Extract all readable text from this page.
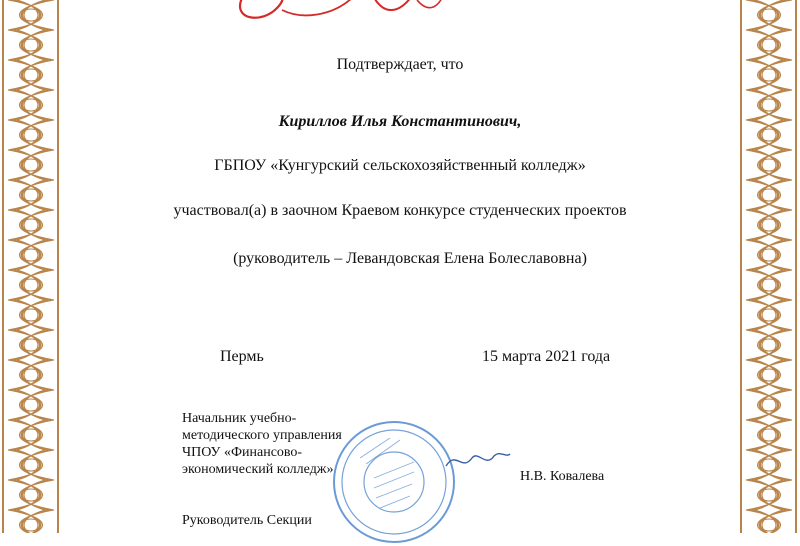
Подтверждает, что
Кириллов Илья Константинович,
ГБПОУ «Кунгурский сельскохозяйственный колледж»
участвовал(а) в заочном Краевом конкурсе студенческих проектов
(руководитель – Левандовская Елена Болеславовна)
Пермь	15 марта 2021 года
Начальник учебно-
методического управления
ЧПОУ «Финансово-
экономический колледж»	Н.В. Ковалева
Руководитель Секции
